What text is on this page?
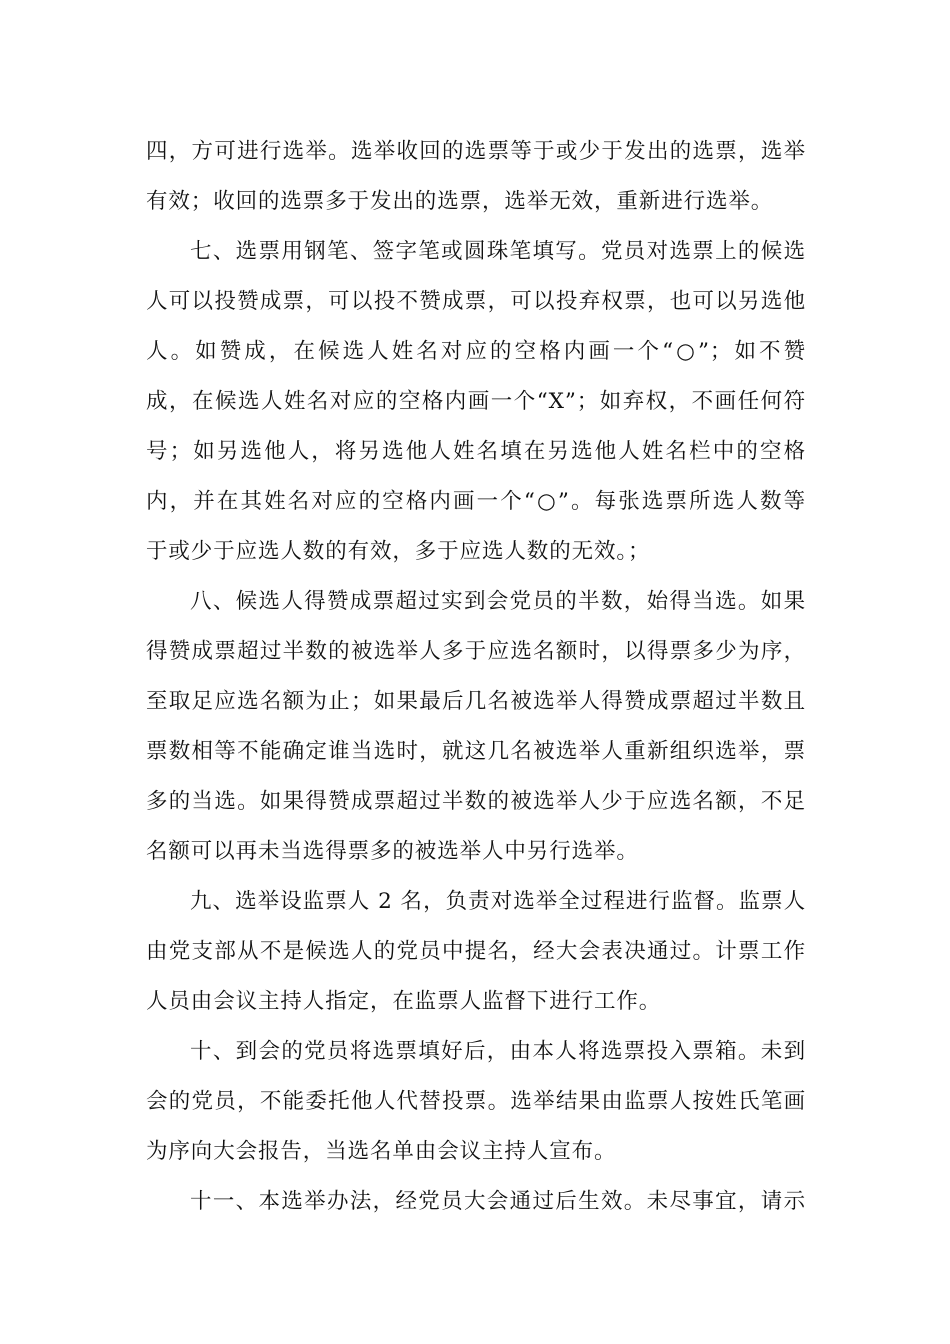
四，方可进行选举。选举收回的选票等于或少于发出的选票，选举
有效；收回的选票多于发出的选票，选举无效，重新进行选举。
七、选票用钢笔、签字笔或圆珠笔填写。党员对选票上的候选
人可以投赞成票，可以投不赞成票，可以投弃权票，也可以另选他
人。如赞成，在候选人姓名对应的空格内画一个“○”；如不赞
成，在候选人姓名对应的空格内画一个“X”；如弃权，不画任何符
号；如另选他人，将另选他人姓名填在另选他人姓名栏中的空格
内，并在其姓名对应的空格内画一个“○”。每张选票所选人数等
于或少于应选人数的有效，多于应选人数的无效。；
八、候选人得赞成票超过实到会党员的半数，始得当选。如果
得赞成票超过半数的被选举人多于应选名额时，以得票多少为序，
至取足应选名额为止；如果最后几名被选举人得赞成票超过半数且
票数相等不能确定谁当选时，就这几名被选举人重新组织选举，票
多的当选。如果得赞成票超过半数的被选举人少于应选名额，不足
名额可以再未当选得票多的被选举人中另行选举。
九、选举设监票人 2 名，负责对选举全过程进行监督。监票人
由党支部从不是候选人的党员中提名，经大会表决通过。计票工作
人员由会议主持人指定，在监票人监督下进行工作。
十、到会的党员将选票填好后，由本人将选票投入票箱。未到
会的党员，不能委托他人代替投票。选举结果由监票人按姓氏笔画
为序向大会报告，当选名单由会议主持人宣布。
十一、本选举办法，经党员大会通过后生效。未尽事宜，请示
